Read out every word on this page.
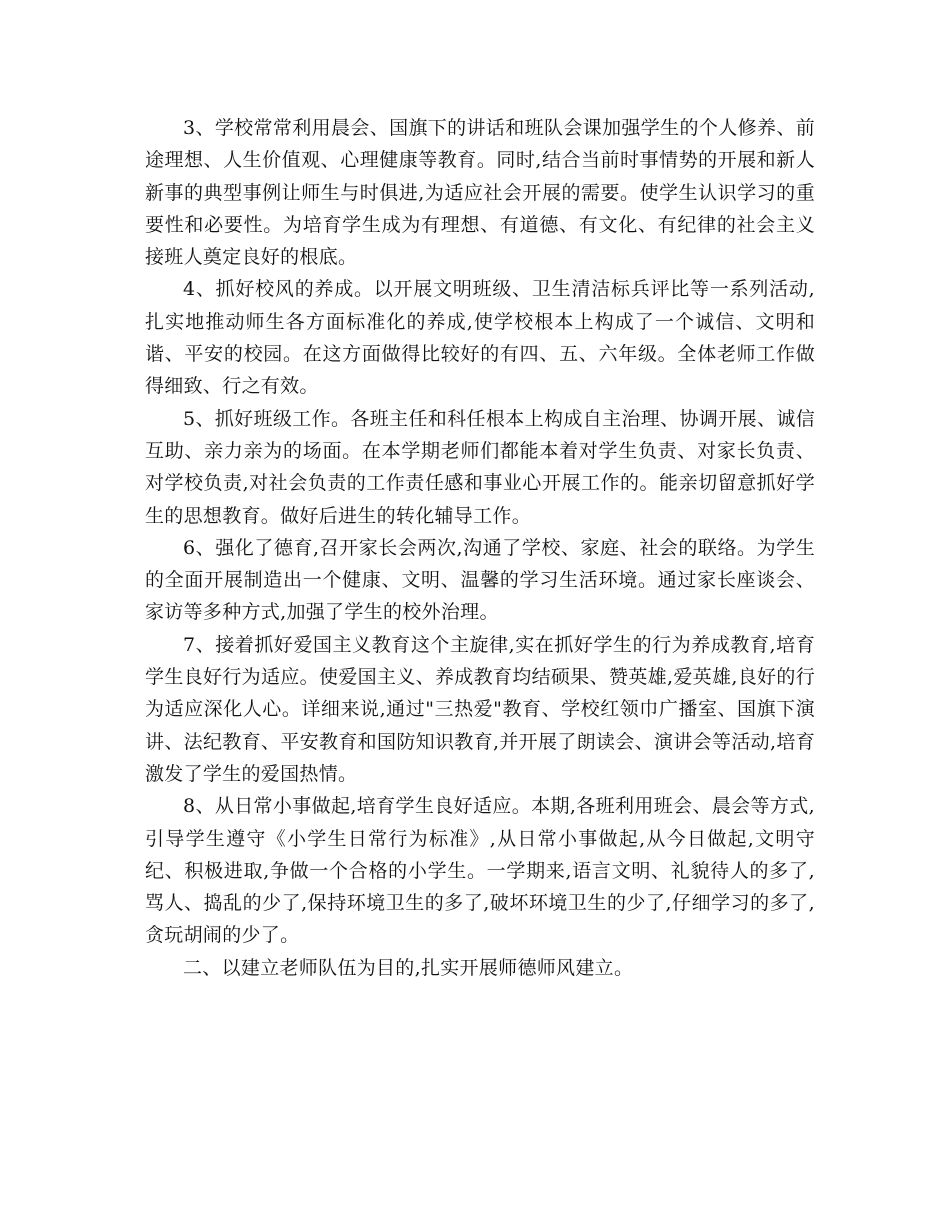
3、学校常常利用晨会、国旗下的讲话和班队会课加强学生的个人修养、前途理想、人生价值观、心理健康等教育。同时,结合当前时事情势的开展和新人新事的典型事例让师生与时俱进,为适应社会开展的需要。使学生认识学习的重要性和必要性。为培育学生成为有理想、有道德、有文化、有纪律的社会主义接班人奠定良好的根底。

4、抓好校风的养成。以开展文明班级、卫生清洁标兵评比等一系列活动,扎实地推动师生各方面标准化的养成,使学校根本上构成了一个诚信、文明和谐、平安的校园。在这方面做得比较好的有四、五、六年级。全体老师工作做得细致、行之有效。

5、抓好班级工作。各班主任和科任根本上构成自主治理、协调开展、诚信互助、亲力亲为的场面。在本学期老师们都能本着对学生负责、对家长负责、对学校负责,对社会负责的工作责任感和事业心开展工作的。能亲切留意抓好学生的思想教育。做好后进生的转化辅导工作。

6、强化了德育,召开家长会两次,沟通了学校、家庭、社会的联络。为学生的全面开展制造出一个健康、文明、温馨的学习生活环境。通过家长座谈会、家访等多种方式,加强了学生的校外治理。

7、接着抓好爱国主义教育这个主旋律,实在抓好学生的行为养成教育,培育学生良好行为适应。使爱国主义、养成教育均结硕果、赞英雄,爱英雄,良好的行为适应深化人心。详细来说,通过"三热爱"教育、学校红领巾广播室、国旗下演讲、法纪教育、平安教育和国防知识教育,并开展了朗读会、演讲会等活动,培育激发了学生的爱国热情。

8、从日常小事做起,培育学生良好适应。本期,各班利用班会、晨会等方式,引导学生遵守《小学生日常行为标准》,从日常小事做起,从今日做起,文明守纪、积极进取,争做一个合格的小学生。一学期来,语言文明、礼貌待人的多了,骂人、捣乱的少了,保持环境卫生的多了,破坏环境卫生的少了,仔细学习的多了,贪玩胡闹的少了。

二、以建立老师队伍为目的,扎实开展师德师风建立。
